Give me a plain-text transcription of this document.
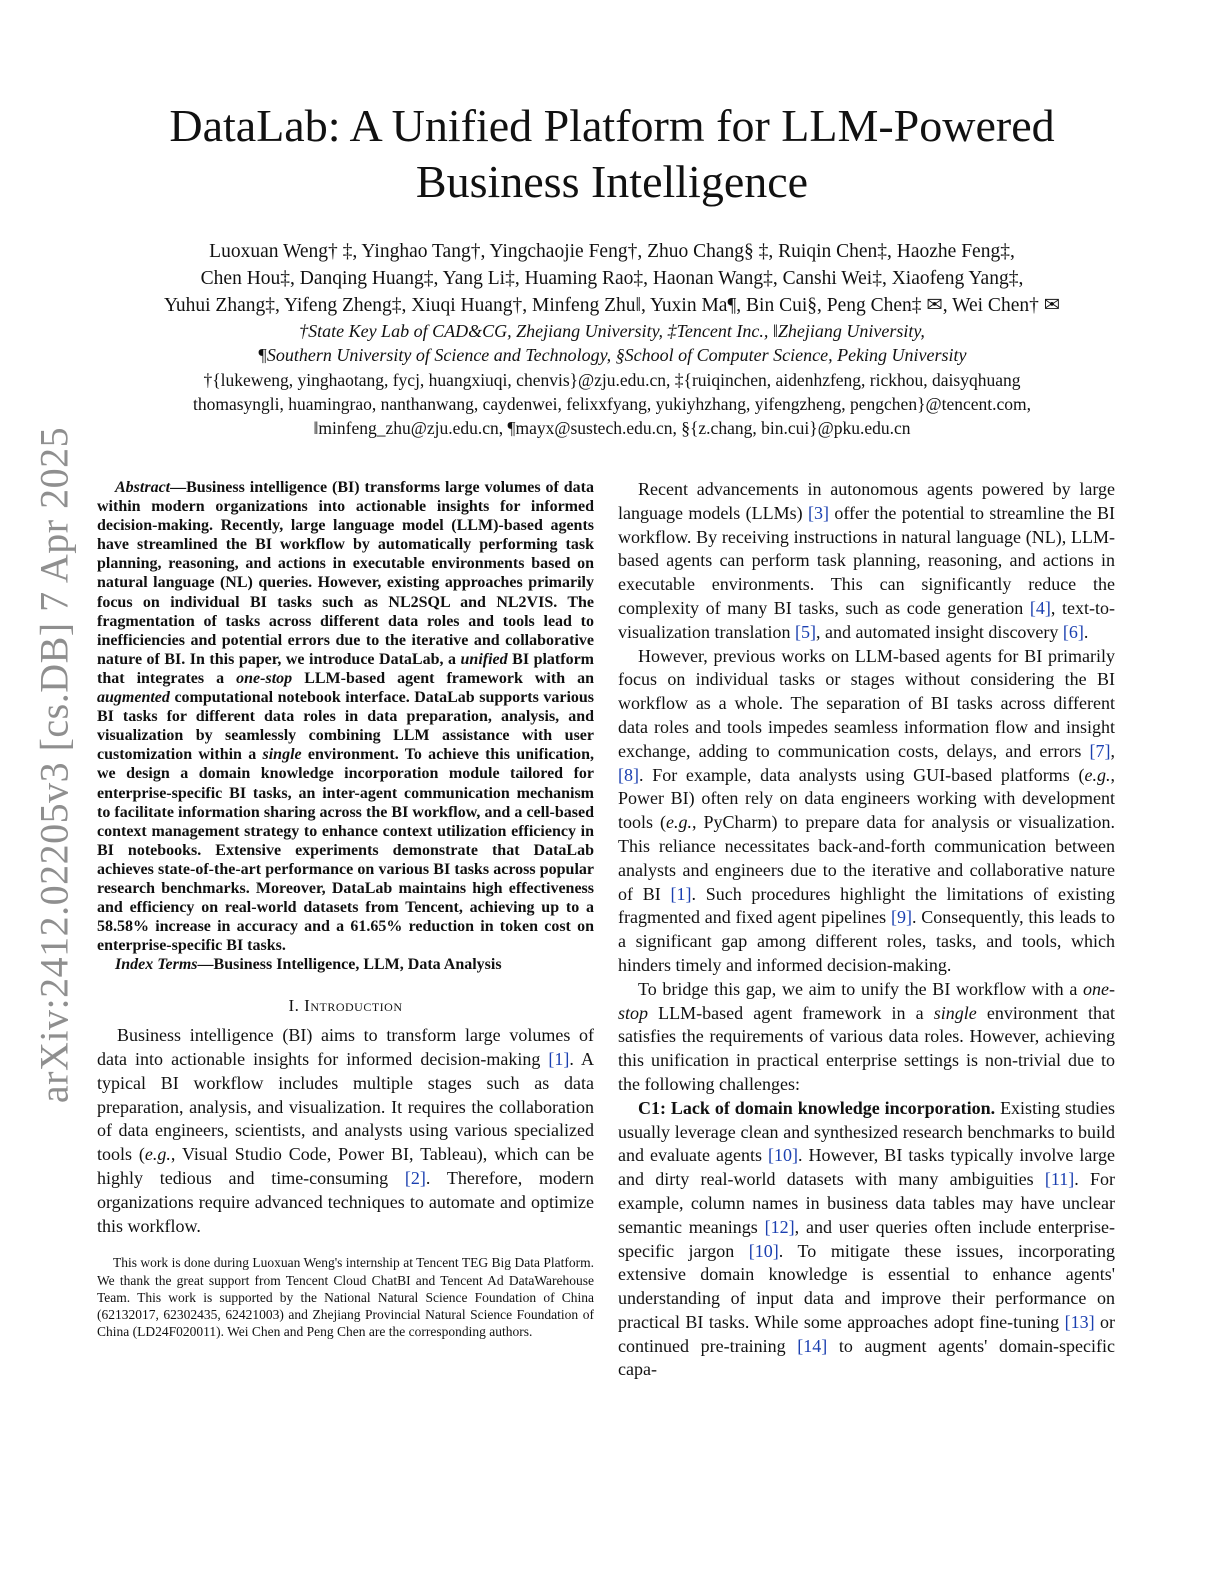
arXiv:2412.02205v3 [cs.DB] 7 Apr 2025
DataLab: A Unified Platform for LLM-Powered Business Intelligence
Luoxuan Weng† ‡, Yinghao Tang†, Yingchaojie Feng†, Zhuo Chang§ ‡, Ruiqin Chen‡, Haozhe Feng‡,
Chen Hou‡, Danqing Huang‡, Yang Li‡, Huaming Rao‡, Haonan Wang‡, Canshi Wei‡, Xiaofeng Yang‡,
Yuhui Zhang‡, Yifeng Zheng‡, Xiuqi Huang†, Minfeng Zhu‖, Yuxin Ma¶, Bin Cui§, Peng Chen‡ ✉, Wei Chen† ✉
†State Key Lab of CAD&CG, Zhejiang University, ‡Tencent Inc., ‖Zhejiang University,
¶Southern University of Science and Technology, §School of Computer Science, Peking University
†{lukeweng, yinghaotang, fycj, huangxiuqi, chenvis}@zju.edu.cn, ‡{ruiqinchen, aidenhzfeng, rickhou, daisyqhuang
thomasyngli, huamingrao, nanthanwang, caydenwei, felixxfyang, yukiyhzhang, yifengzheng, pengchen}@tencent.com,
‖minfeng_zhu@zju.edu.cn, ¶mayx@sustech.edu.cn, §{z.chang, bin.cui}@pku.edu.cn

Abstract—Business intelligence (BI) transforms large volumes of data within modern organizations into actionable insights for informed decision-making. Recently, large language model (LLM)-based agents have streamlined the BI workflow by automatically performing task planning, reasoning, and actions in executable environments based on natural language (NL) queries. However, existing approaches primarily focus on individual BI tasks such as NL2SQL and NL2VIS. The fragmentation of tasks across different data roles and tools lead to inefficiencies and potential errors due to the iterative and collaborative nature of BI. In this paper, we introduce DataLab, a unified BI platform that integrates a one-stop LLM-based agent framework with an augmented computational notebook interface. DataLab supports various BI tasks for different data roles in data preparation, analysis, and visualization by seamlessly combining LLM assistance with user customization within a single environment. To achieve this unification, we design a domain knowledge incorporation module tailored for enterprise-specific BI tasks, an inter-agent communication mechanism to facilitate information sharing across the BI workflow, and a cell-based context management strategy to enhance context utilization efficiency in BI notebooks. Extensive experiments demonstrate that DataLab achieves state-of-the-art performance on various BI tasks across popular research benchmarks. Moreover, DataLab maintains high effectiveness and efficiency on real-world datasets from Tencent, achieving up to a 58.58% increase in accuracy and a 61.65% reduction in token cost on enterprise-specific BI tasks.

Index Terms—Business Intelligence, LLM, Data Analysis

I. Introduction

Business intelligence (BI) aims to transform large volumes of data into actionable insights for informed decision-making [1]. A typical BI workflow includes multiple stages such as data preparation, analysis, and visualization. It requires the collaboration of data engineers, scientists, and analysts using various specialized tools (e.g., Visual Studio Code, Power BI, Tableau), which can be highly tedious and time-consuming [2]. Therefore, modern organizations require advanced techniques to automate and optimize this workflow.

This work is done during Luoxuan Weng's internship at Tencent TEG Big Data Platform. We thank the great support from Tencent Cloud ChatBI and Tencent Ad DataWarehouse Team. This work is supported by the National Natural Science Foundation of China (62132017, 62302435, 62421003) and Zhejiang Provincial Natural Science Foundation of China (LD24F020011). Wei Chen and Peng Chen are the corresponding authors.

Recent advancements in autonomous agents powered by large language models (LLMs) [3] offer the potential to streamline the BI workflow. By receiving instructions in natural language (NL), LLM-based agents can perform task planning, reasoning, and actions in executable environments. This can significantly reduce the complexity of many BI tasks, such as code generation [4], text-to-visualization translation [5], and automated insight discovery [6].

However, previous works on LLM-based agents for BI primarily focus on individual tasks or stages without considering the BI workflow as a whole. The separation of BI tasks across different data roles and tools impedes seamless information flow and insight exchange, adding to communication costs, delays, and errors [7], [8]. For example, data analysts using GUI-based platforms (e.g., Power BI) often rely on data engineers working with development tools (e.g., PyCharm) to prepare data for analysis or visualization. This reliance necessitates back-and-forth communication between analysts and engineers due to the iterative and collaborative nature of BI [1]. Such procedures highlight the limitations of existing fragmented and fixed agent pipelines [9]. Consequently, this leads to a significant gap among different roles, tasks, and tools, which hinders timely and informed decision-making.

To bridge this gap, we aim to unify the BI workflow with a one-stop LLM-based agent framework in a single environment that satisfies the requirements of various data roles. However, achieving this unification in practical enterprise settings is non-trivial due to the following challenges:

C1: Lack of domain knowledge incorporation. Existing studies usually leverage clean and synthesized research benchmarks to build and evaluate agents [10]. However, BI tasks typically involve large and dirty real-world datasets with many ambiguities [11]. For example, column names in business data tables may have unclear semantic meanings [12], and user queries often include enterprise-specific jargon [10]. To mitigate these issues, incorporating extensive domain knowledge is essential to enhance agents' understanding of input data and improve their performance on practical BI tasks. While some approaches adopt fine-tuning [13] or continued pre-training [14] to augment agents' domain-specific capa-
